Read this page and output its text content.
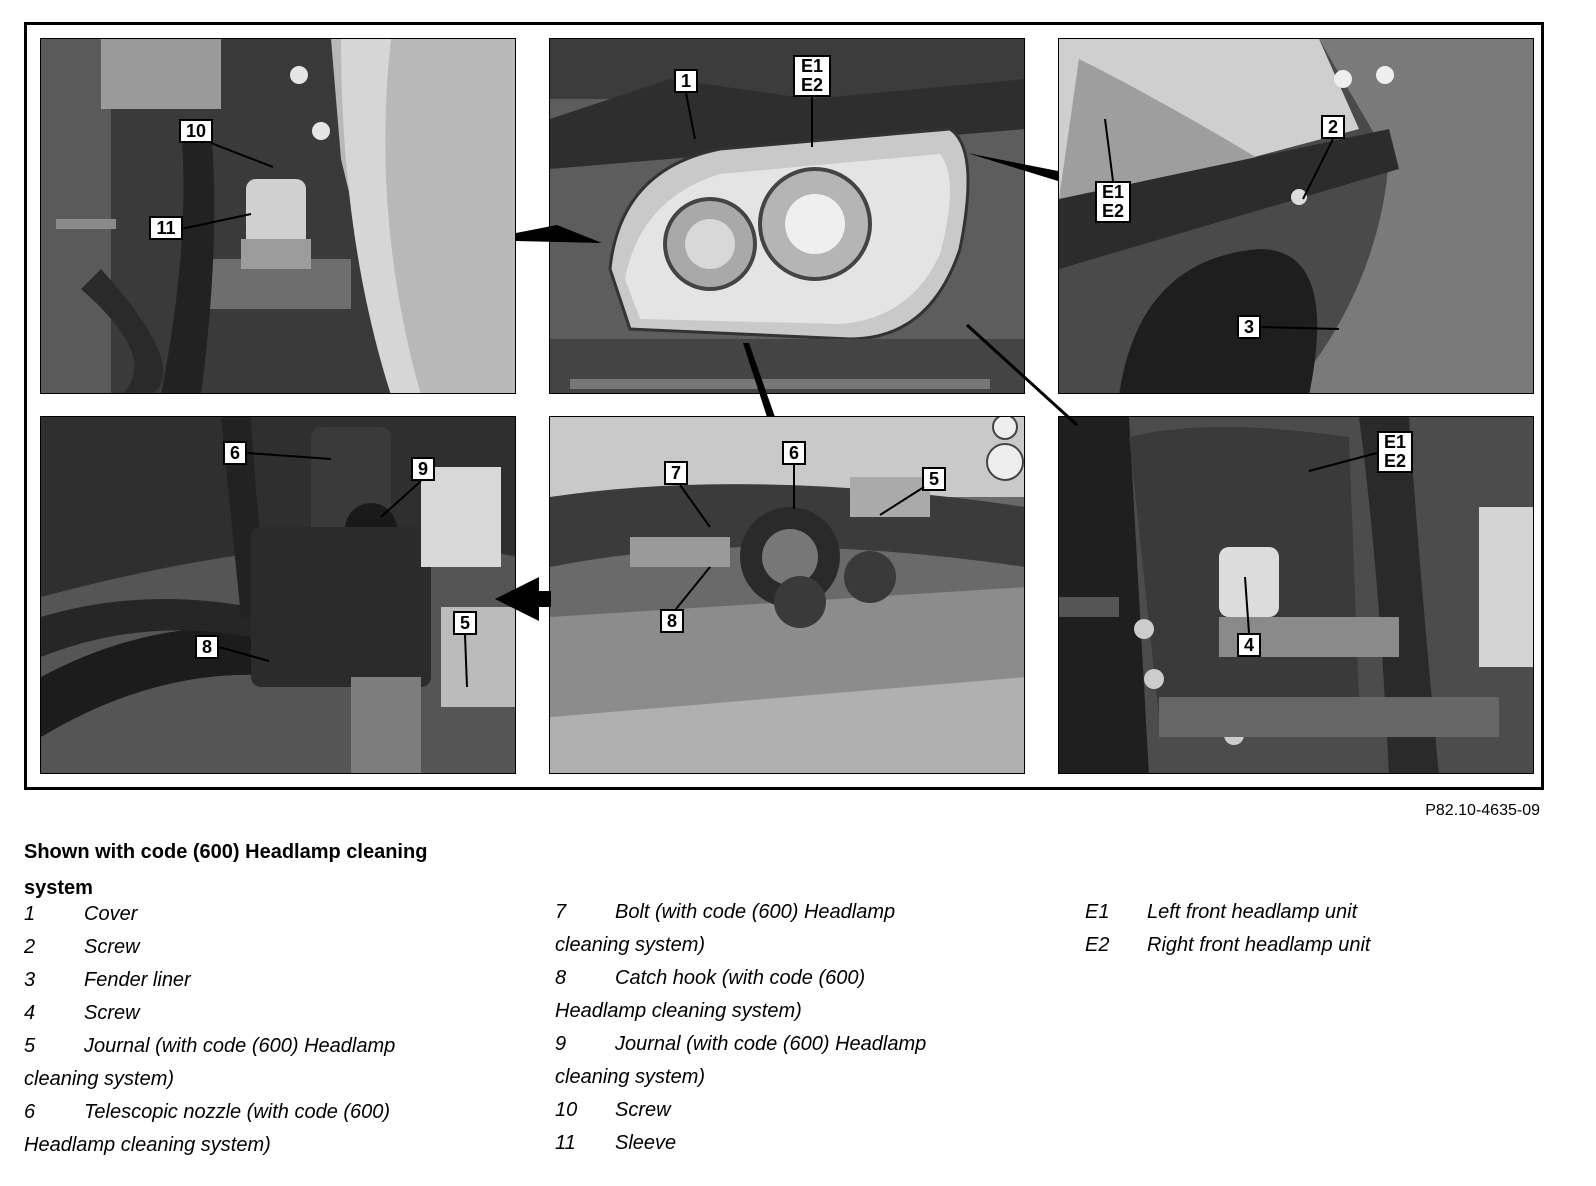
10
11
1
E1
E2
2
E1
E2
3
6
9
8
5
7
6
5
8
E1
E2
4
P82.10-4635-09
Shown with code (600) Headlamp cleaning system
1 Cover
2 Screw
3 Fender liner
4 Screw
5 Journal (with code (600) Headlamp
cleaning system)
6 Telescopic nozzle (with code (600)
Headlamp cleaning system)
7 Bolt (with code (600) Headlamp
cleaning system)
8 Catch hook (with code (600)
Headlamp cleaning system)
9 Journal (with code (600) Headlamp
cleaning system)
10 Screw
11 Sleeve
E1 Left front headlamp unit
E2 Right front headlamp unit
